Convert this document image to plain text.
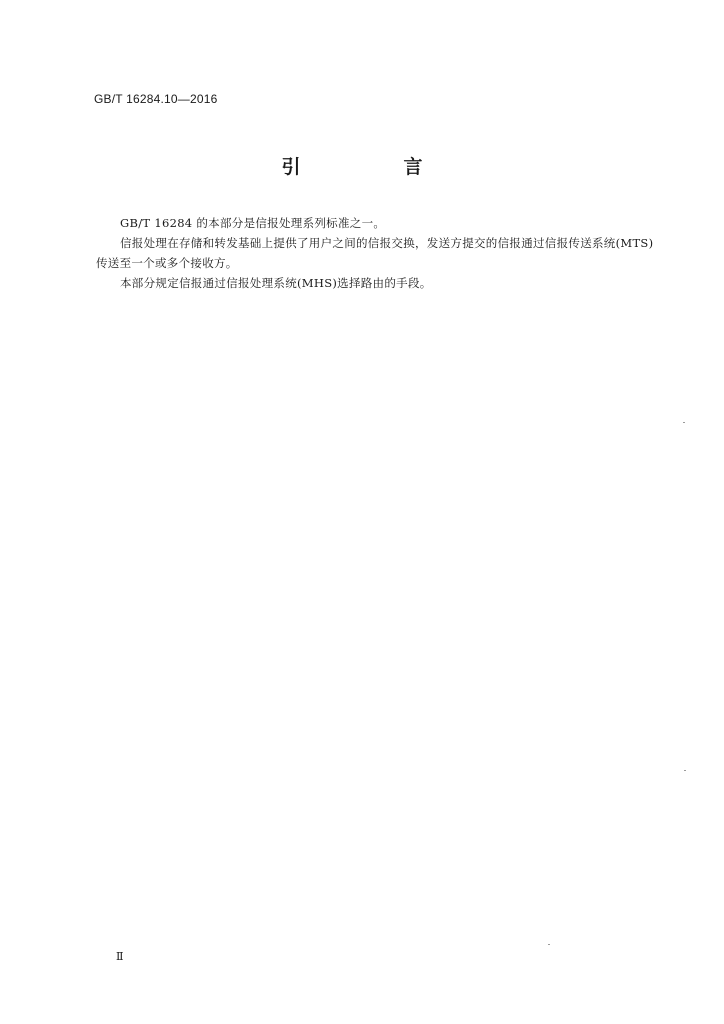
GB/T 16284.10—2016
引　言

GB/T 16284 的本部分是信报处理系列标准之一。

信报处理在存储和转发基础上提供了用户之间的信报交换，发送方提交的信报通过信报传送系统(MTS)传送至一个或多个接收方。

本部分规定信报通过信报处理系统(MHS)选择路由的手段。

Ⅱ
